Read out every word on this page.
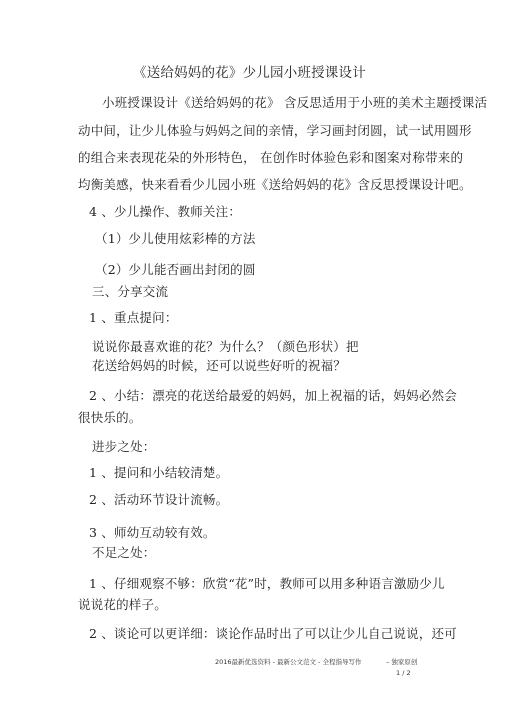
《送给妈妈的花》少儿园小班授课设计
小班授课设计《送给妈妈的花》 含反思适用于小班的美术主题授课活
动中间，让少儿体验与妈妈之间的亲情，学习画封闭圆，试一试用圆形
的组合来表现花朵的外形特色， 在创作时体验色彩和图案对称带来的
均衡美感，快来看看少儿园小班《送给妈妈的花》含反思授课设计吧。
4 、少儿操作、教师关注：
（1）少儿使用炫彩棒的方法
（2）少儿能否画出封闭的圆
三、分享交流
1 、重点提问：
说说你最喜欢谁的花？为什么？（颜色形状）把
花送给妈妈的时候，还可以说些好听的祝福？
2 、小结：漂亮的花送给最爱的妈妈，加上祝福的话，妈妈必然会
很快乐的。
进步之处：
1 、提问和小结较清楚。
2 、活动环节设计流畅。
3 、师幼互动较有效。
不足之处：
1 、仔细观察不够：欣赏“花”时，教师可以用多种语言激励少儿
说说花的样子。
2 、谈论可以更详细：谈论作品时出了可以让少儿自己说说，还可
2016最新优选资料 - 最新公文范文 - 全程指导写作	– 独家原创
1 / 2
